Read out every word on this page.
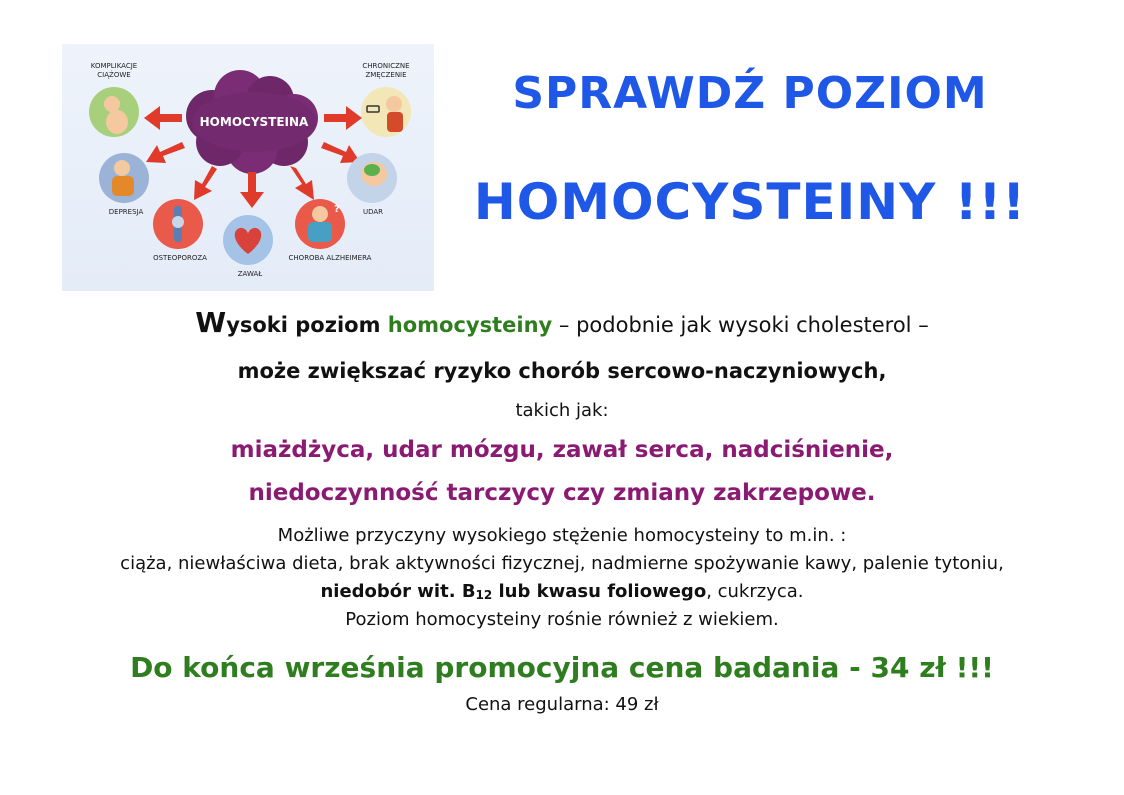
HOMOCYSTEINA
?
KOMPLIKACJE
CIĄŻOWE
CHRONICZNE
ZMĘCZENIE
DEPRESJA	UDAR
OSTEOPOROZA
ZAWAŁ
CHOROBA ALZHEIMERA
SPRAWDŹ POZIOM
HOMOCYSTEINY !!!
Wysoki poziom homocysteiny – podobnie jak wysoki cholesterol –
może zwiększać ryzyko chorób sercowo-naczyniowych,
takich jak:
miażdżyca, udar mózgu, zawał serca, nadciśnienie,
niedoczynność tarczycy czy zmiany zakrzepowe.
Możliwe przyczyny wysokiego stężenie homocysteiny to m.in. :
ciąża, niewłaściwa dieta, brak aktywności fizycznej, nadmierne spożywanie kawy, palenie tytoniu,
niedobór wit. $B_{12}$ lub kwasu foliowego, cukrzyca.
Poziom homocysteiny rośnie również z wiekiem.
Do końca września promocyjna cena badania - 34 zł !!!
Cena regularna: 49 zł
